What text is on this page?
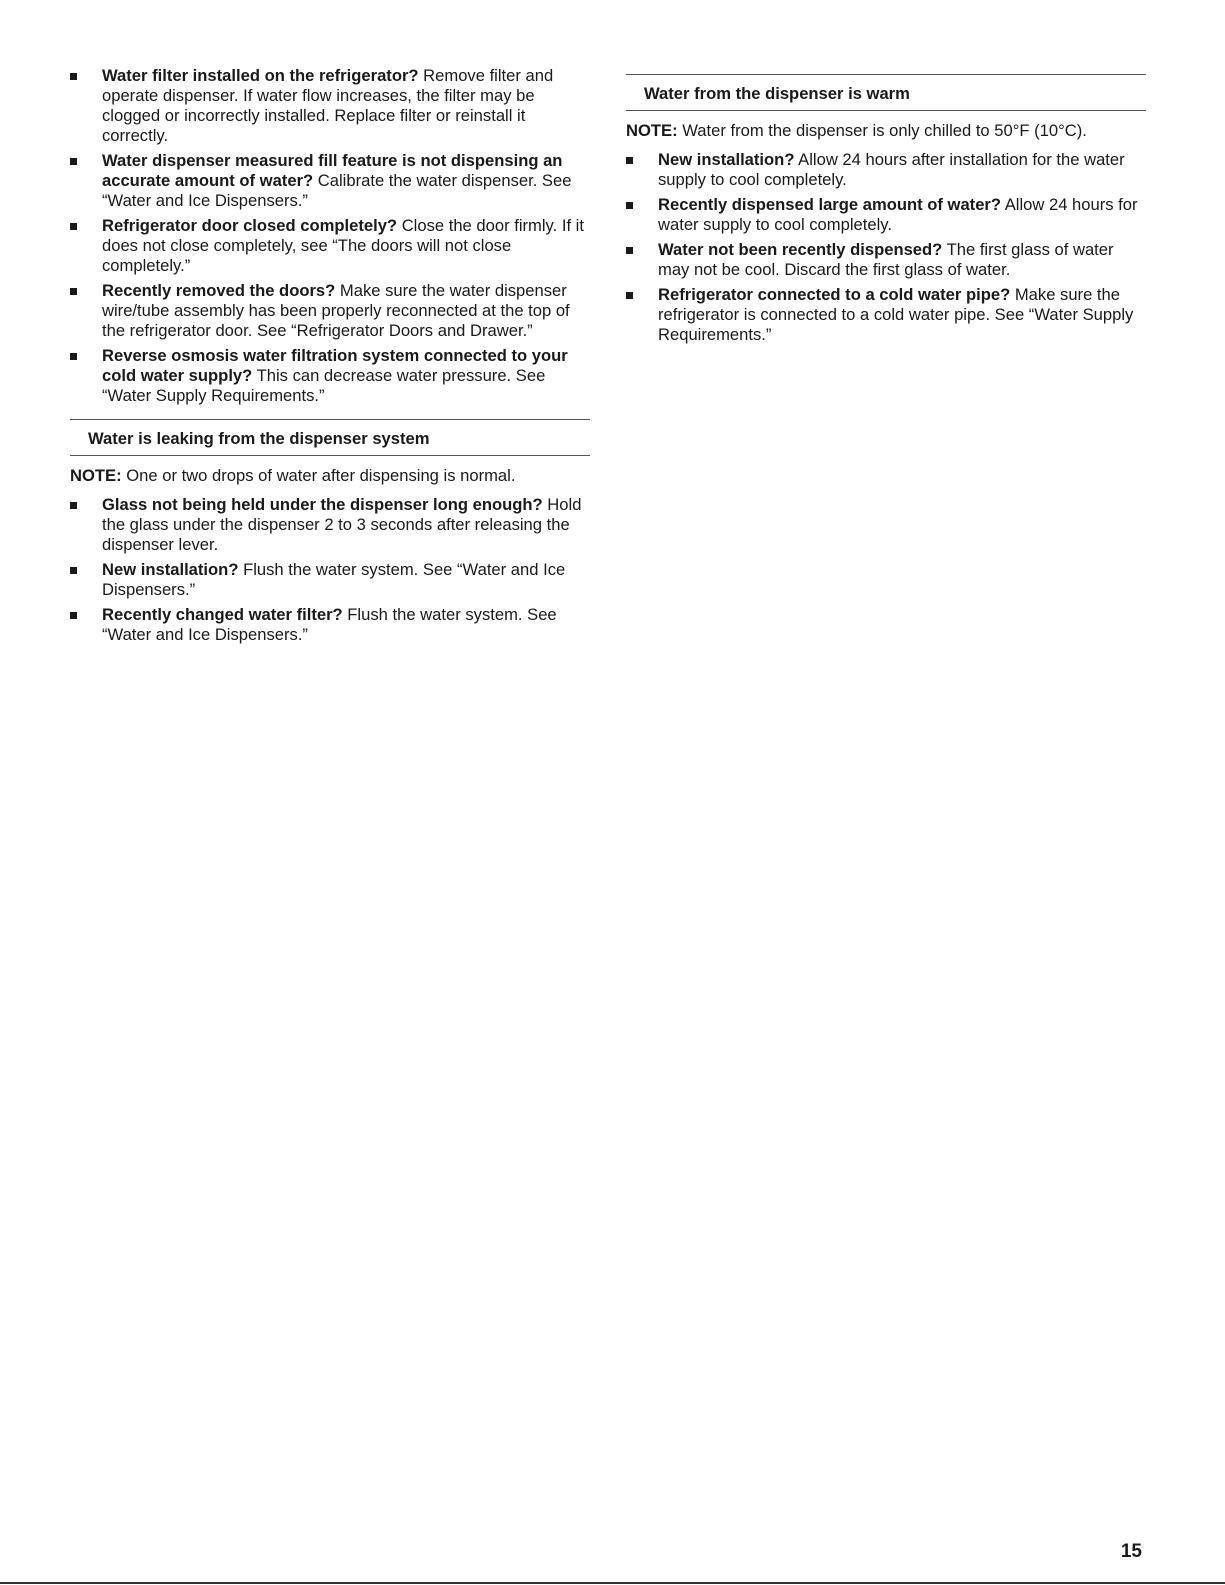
Water filter installed on the refrigerator? Remove filter and operate dispenser. If water flow increases, the filter may be clogged or incorrectly installed. Replace filter or reinstall it correctly.
Water dispenser measured fill feature is not dispensing an accurate amount of water? Calibrate the water dispenser. See “Water and Ice Dispensers.”
Refrigerator door closed completely? Close the door firmly. If it does not close completely, see “The doors will not close completely.”
Recently removed the doors? Make sure the water dispenser wire/tube assembly has been properly reconnected at the top of the refrigerator door. See “Refrigerator Doors and Drawer.”
Reverse osmosis water filtration system connected to your cold water supply? This can decrease water pressure. See “Water Supply Requirements.”
Water is leaking from the dispenser system

NOTE: One or two drops of water after dispensing is normal.

Glass not being held under the dispenser long enough? Hold the glass under the dispenser 2 to 3 seconds after releasing the dispenser lever.
New installation? Flush the water system. See “Water and Ice Dispensers.”
Recently changed water filter? Flush the water system. See “Water and Ice Dispensers.”
Water from the dispenser is warm

NOTE: Water from the dispenser is only chilled to 50°F (10°C).

New installation? Allow 24 hours after installation for the water supply to cool completely.
Recently dispensed large amount of water? Allow 24 hours for water supply to cool completely.
Water not been recently dispensed? The first glass of water may not be cool. Discard the first glass of water.
Refrigerator connected to a cold water pipe? Make sure the refrigerator is connected to a cold water pipe. See “Water Supply Requirements.”
15
